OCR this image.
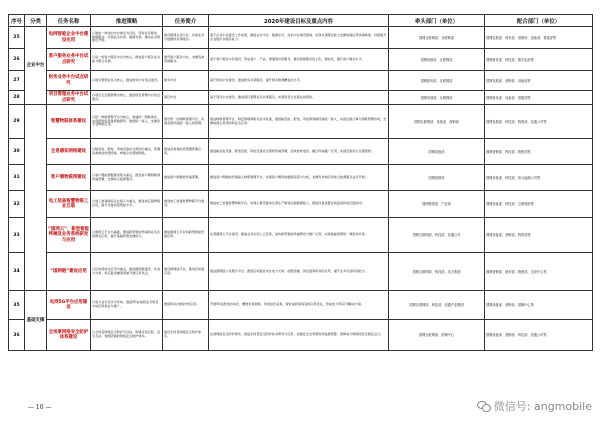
序号	分类	任务名称	推进策略	任务简介	2020年建设目标及重点内容	牵头部门（单位）	配合部门（单位）
25	企业中台	电网智能企业中台建设应用	以建成一体化的中台体系为目标，坚持业务驱动、数据驱动，实现业务共享、数据共享，推动业务智能化升级。	建设国网企业中台，实现业务与数据的共享服务。	基于企业中台建设工作成果，推进业务中台、数据中台、技术中台建设落地，实现共享服务能力支撑前端应用快速构建，持续提升企业级中台服务能力。	国网互联网部、互联网部	国网发展部、财务部、营销部、设备部、基建部等
26		客户服务业务中台试点研究	以统一的客户服务中台为核心，推进客户服务业务能力整合共享。	建设客户服务中台，支撑各类营销服务。	基于客户服务中台建设，形成客户、产品、渠道等共享服务，推动营销服务线上化、智能化，提升客户服务水平。	国网营销部、互联网部	国网财务部、科技部、数字化部等
27		财务业务中台试点研究	以财务管理业务为核心，推进财务中台试点建设。	财务中台	基于财务中台建设，推进财务共享服务，提升财务管理精益化水平。	国网财务部、互联网部	国网发展部、营销部、设备部等
28		项目管理业务中台试点研究	以项目全过程管理为核心，推进项目管理中台试点建设。	项目中台	基于项目中台建设，推进项目管理业务共享服务，实现项目全过程在线管控。	国网发展部、互联网部	国网财务部、设备部、基建部等
29		智慧物联体系建设	以统一物联管理平台为核心，构建统一物联体系，实现感知层设备即插即用、数据统一接入，支撑各专业物联应用。	建设统一的物联管理平台，实现各类终端统一接入和管理。	建成物联管理平台，制定物联网相关技术标准，推进输变电、配电、用电等领域终端统一接入，实现边缘计算与物联管理协同，支撑电网全息感知和业务应用。	国网互联网部、设备部、营销部	国网发展部、科技部、物资部、信通公司等
30		全息感知网络建设	以输变电、配电、用电设备状态感知为重点，部署各类智能传感终端，构建全息感知网络。	推进各类智能传感器部署应用。	推进输变电设备、配电设备、用电设备状态感知终端部署，加快智能电表、融合终端推广应用，实现设备状态全面感知。	国网设备部	国网营销部、科技部、物资部等
31		客户侧物联网建设	以客户侧能源数据采集为重点，推进客户侧物联网终端部署，支撑综合能源服务。	推进客户侧智能终端部署。	推进客户侧智能终端接入物联管理平台，实现客户侧用能数据采集与分析，支撑需求响应和综合能源服务业务开展。	国网营销部	国网设备部、科技部、综合能源公司等
32		电工装备智慧物联工业互联	以电工装备制造企业接入为重点，推进供应链物联应用，提升设备质量管控水平。	推进电工装备智慧物联平台建设。	建成电工装备智慧物联平台，实现主要设备供应商生产制造过程数据接入，推进设备质量在线监造和供应链协同。	国网物资部、产业部	国网设备部、科技部、互联网部等
33		“国网云”、新型智能终端及业务系统研发与应用	以国网云平台为基础，推进新型智能终端和业务系统研发应用，提升基础资源支撑能力。	推进国网云平台和新型智能终端应用。	完善国网云平台建设，推进业务系统上云迁移，加快新型智能终端研发与推广应用，实现基础资源统一调度和共享。	国网互联网部、科技部、信通公司	国网设备部、营销部、物资部等
34		“国网链”建设应用	以区块链技术应用为重点，推进国网链建设，在电力交易、供应链金融等领域开展应用试点。	建设国网链平台，推动区块链应用。	建成国网链公共服务平台，推进区块链技术在电力交易、能源金融、供应链等场景的应用，提升业务可信协同能力。	国网互联网部、科技部、英大集团	国网营销部、财务部、物资部、交易中心等
35	基础支撑	电网5G平台应用建设	以电力业务需求为导向，推进5G在电网业务场景中的应用验证与推广。	推进5G在电网中的应用。	开展5G在配电自动化、精准负荷控制、用电信息采集、智能巡检等场景的应用试点，形成电力5G应用解决方案。	国网互联网部、科技部、信通产业集团	国网设备部、营销部、国调中心等
36		全场景网络安全防护体系建设	以全场景网络安全防护为目标，构建可信互联、安全互动、智能防御的网络安全防护体系。	建设全场景网络安全防护体系。	完善网络安全防护体系，推进全场景安全防护技术研究与应用，加强安全态势感知和监测预警，保障电力物联网安全稳定运行。	国网互联网部、国调中心	国网设备部、营销部、科技部、信通公司等
— 10 —	微信号: angmobile
